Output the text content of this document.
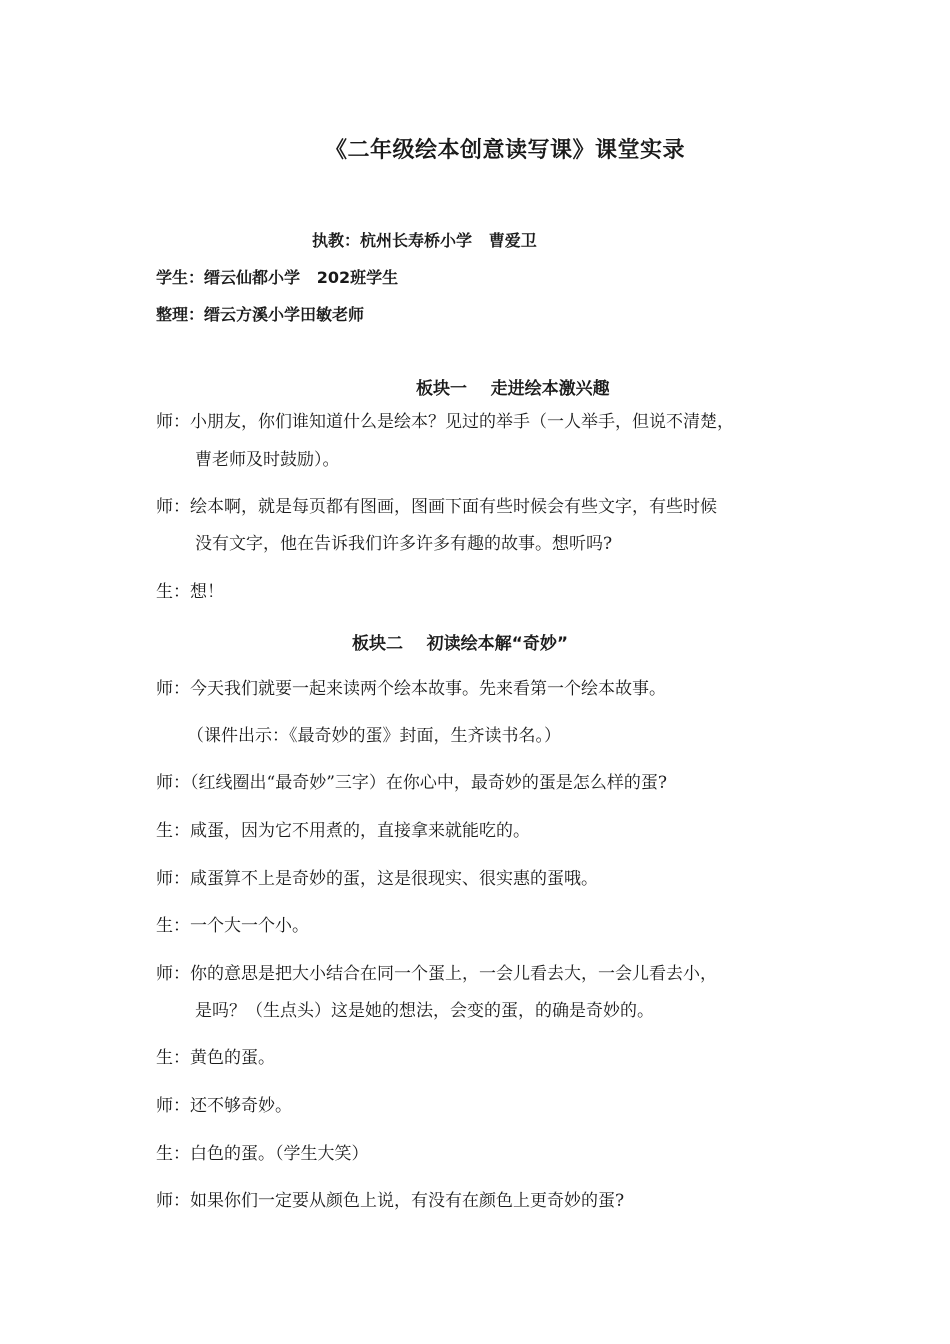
《二年级绘本创意读写课》课堂实录
执教：杭州长寿桥小学   曹爱卫
学生：缙云仙都小学   202班学生
整理：缙云方溪小学田敏老师
板块一    走进绘本激兴趣
师：小朋友，你们谁知道什么是绘本？见过的举手（一人举手，但说不清楚，
曹老师及时鼓励）。
师：绘本啊，就是每页都有图画，图画下面有些时候会有些文字，有些时候
没有文字，他在告诉我们许多许多有趣的故事。想听吗?
生：想！
板块二    初读绘本解“奇妙”
师：今天我们就要一起来读两个绘本故事。先来看第一个绘本故事。
（课件出示：《最奇妙的蛋》封面，生齐读书名。）
师：（红线圈出“最奇妙”三字）在你心中，最奇妙的蛋是怎么样的蛋?
生：咸蛋，因为它不用煮的，直接拿来就能吃的。
师：咸蛋算不上是奇妙的蛋，这是很现实、很实惠的蛋哦。
生：一个大一个小。
师：你的意思是把大小结合在同一个蛋上，一会儿看去大，一会儿看去小，
是吗？（生点头）这是她的想法，会变的蛋，的确是奇妙的。
生：黄色的蛋。
师：还不够奇妙。
生：白色的蛋。（学生大笑）
师：如果你们一定要从颜色上说，有没有在颜色上更奇妙的蛋?
